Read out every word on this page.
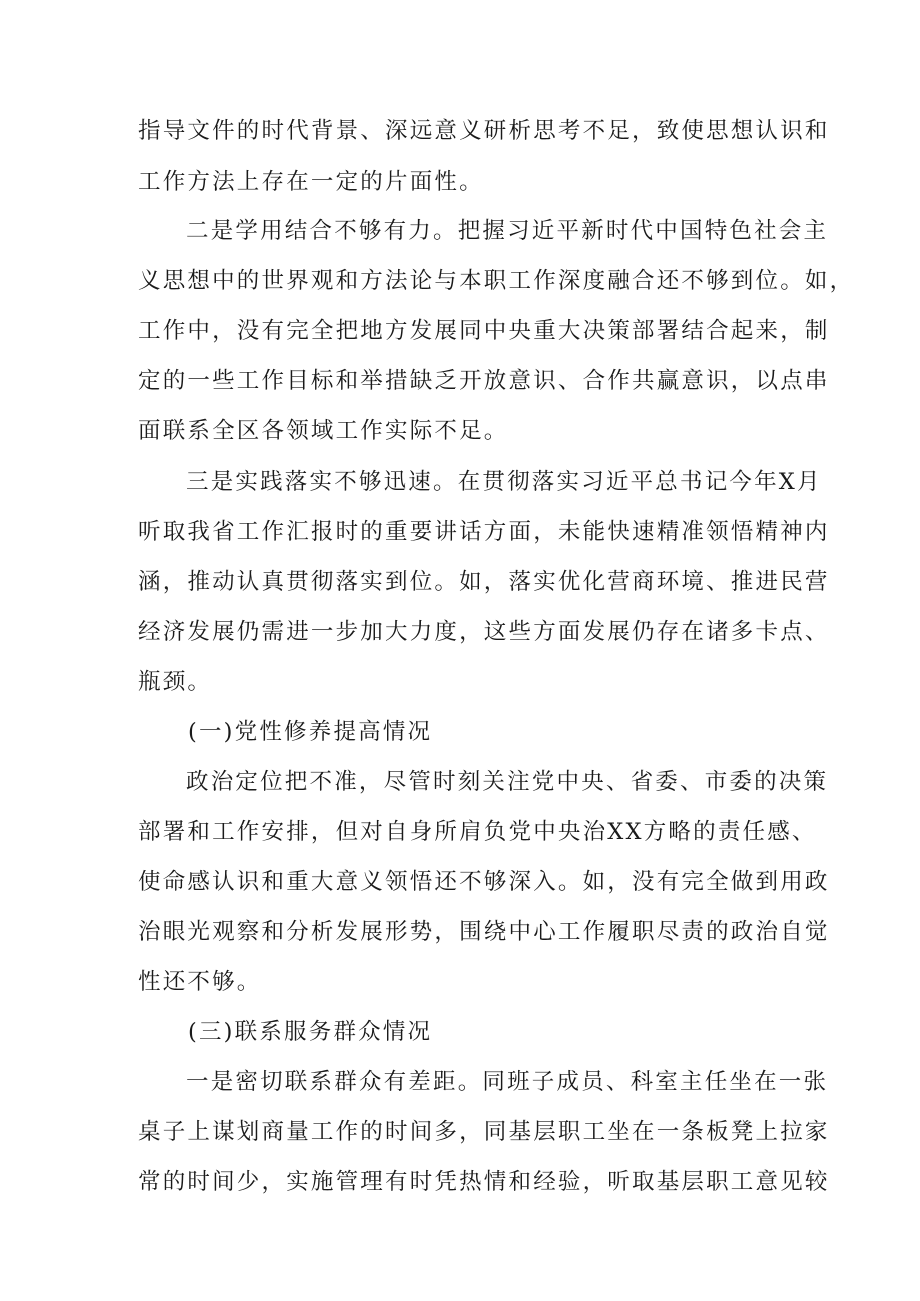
指导文件的时代背景、深远意义研析思考不足，致使思想认识和
工作方法上存在一定的片面性。
二是学用结合不够有力。把握习近平新时代中国特色社会主
义思想中的世界观和方法论与本职工作深度融合还不够到位。如，
工作中，没有完全把地方发展同中央重大决策部署结合起来，制
定的一些工作目标和举措缺乏开放意识、合作共赢意识，以点串
面联系全区各领域工作实际不足。
三是实践落实不够迅速。在贯彻落实习近平总书记今年X月
听取我省工作汇报时的重要讲话方面，未能快速精准领悟精神内
涵，推动认真贯彻落实到位。如，落实优化营商环境、推进民营
经济发展仍需进一步加大力度，这些方面发展仍存在诸多卡点、
瓶颈。
(一)党性修养提高情况
政治定位把不准，尽管时刻关注党中央、省委、市委的决策
部署和工作安排，但对自身所肩负党中央治XX方略的责任感、
使命感认识和重大意义领悟还不够深入。如，没有完全做到用政
治眼光观察和分析发展形势，围绕中心工作履职尽责的政治自觉
性还不够。
(三)联系服务群众情况
一是密切联系群众有差距。同班子成员、科室主任坐在一张
桌子上谋划商量工作的时间多，同基层职工坐在一条板凳上拉家
常的时间少，实施管理有时凭热情和经验，听取基层职工意见较
